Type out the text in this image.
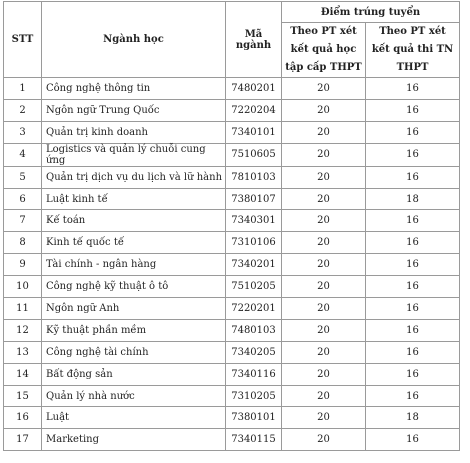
STT	Ngành học	Mã ngành	Điểm trúng tuyển	
			Theo PT xét kết quả học tập cấp THPT	Theo PT xét kết quả thi TN THPT
1	Công nghệ thông tin	7480201	20	16
2	Ngôn ngữ Trung Quốc	7220204	20	16
3	Quản trị kinh doanh	7340101	20	16
4	Logistics và quản lý chuỗi cung ứng	7510605	20	16
5	Quản trị dịch vụ du lịch và lữ hành	7810103	20	16
6	Luật kinh tế	7380107	20	18
7	Kế toán	7340301	20	16
8	Kinh tế quốc tế	7310106	20	16
9	Tài chính - ngân hàng	7340201	20	16
10	Công nghệ kỹ thuật ô tô	7510205	20	16
11	Ngôn ngữ Anh	7220201	20	16
12	Kỹ thuật phần mềm	7480103	20	16
13	Công nghệ tài chính	7340205	20	16
14	Bất động sản	7340116	20	16
15	Quản lý nhà nước	7310205	20	16
16	Luật	7380101	20	18
17	Marketing	7340115	20	16
